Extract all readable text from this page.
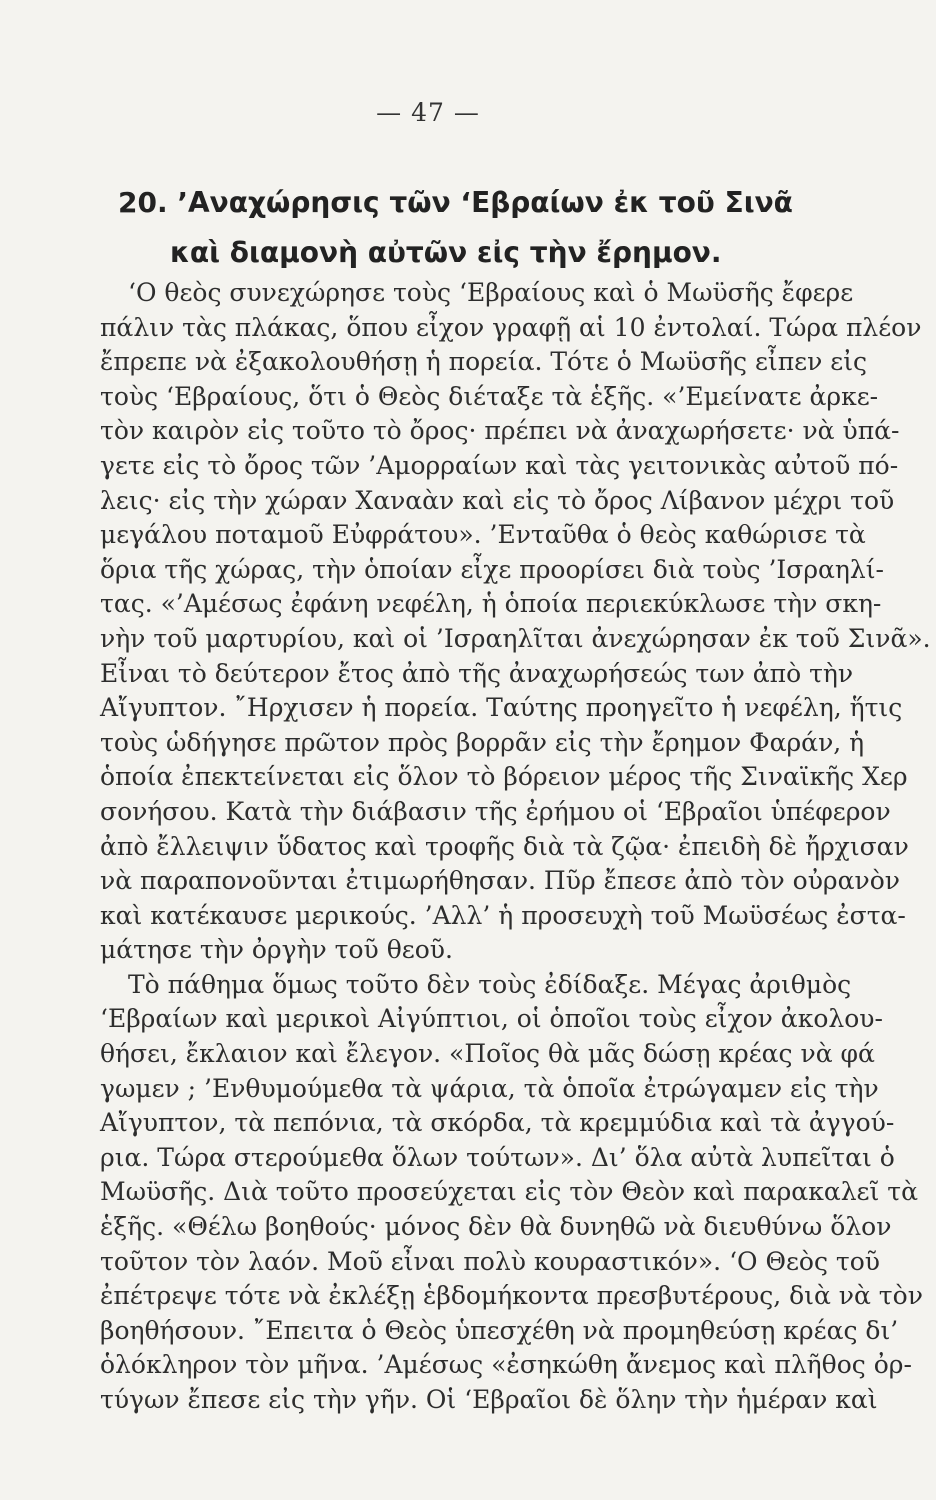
— 47 —
20. ’Αναχώρησις τῶν ‘Εβραίων ἐκ τοῦ Σινᾶ
καὶ διαμονὴ αὐτῶν εἰς τὴν ἔρημον.
‘Ο θεὸς συνεχώρησε τοὺς ‘Εβραίους καὶ ὁ Μωϋσῆς ἔφερε
πάλιν τὰς πλάκας, ὅπου εἶχον γραφῇ αἱ 10 ἐντολαί. Τώρα πλέον
ἔπρεπε νὰ ἐξακολουθήσῃ ἡ πορεία. Τότε ὁ Μωϋσῆς εἶπεν εἰς
τοὺς ‘Εβραίους, ὅτι ὁ Θεὸς διέταξε τὰ ἑξῆς. «’Εμείνατε ἀρκε-
τὸν καιρὸν εἰς τοῦτο τὸ ὄρος· πρέπει νὰ ἀναχωρήσετε· νὰ ὑπά-
γετε εἰς τὸ ὄρος τῶν ’Αμορραίων καὶ τὰς γειτονικὰς αὐτοῦ πό-
λεις· εἰς τὴν χώραν Χαναὰν καὶ εἰς τὸ ὄρος Λίβανον μέχρι τοῦ
μεγάλου ποταμοῦ Εὐφράτου». ’Ενταῦθα ὁ θεὸς καθώρισε τὰ
ὅρια τῆς χώρας, τὴν ὁποίαν εἶχε προορίσει διὰ τοὺς ’Ισραηλί-
τας. «’Αμέσως ἐφάνη νεφέλη, ἡ ὁποία περιεκύκλωσε τὴν σκη-
νὴν τοῦ μαρτυρίου, καὶ οἱ ’Ισραηλῖται ἀνεχώρησαν ἐκ τοῦ Σινᾶ».
Εἶναι τὸ δεύτερον ἔτος ἀπὸ τῆς ἀναχωρήσεώς των ἀπὸ τὴν
Αἴγυπτον. ῎Ηρχισεν ἡ πορεία. Ταύτης προηγεῖτο ἡ νεφέλη, ἥτις
τοὺς ὡδήγησε πρῶτον πρὸς βορρᾶν εἰς τὴν ἔρημον Φαράν, ἡ
ὁποία ἐπεκτείνεται εἰς ὅλον τὸ βόρειον μέρος τῆς Σιναϊκῆς Χερ
σονήσου. Κατὰ τὴν διάβασιν τῆς ἐρήμου οἱ ‘Εβραῖοι ὑπέφερον
ἀπὸ ἔλλειψιν ὕδατος καὶ τροφῆς διὰ τὰ ζῷα· ἐπειδὴ δὲ ἤρχισαν
νὰ παραπονοῦνται ἐτιμωρήθησαν. Πῦρ ἔπεσε ἀπὸ τὸν οὐρανὸν
καὶ κατέκαυσε μερικούς. ’Αλλ’ ἡ προσευχὴ τοῦ Μωϋσέως ἐστα-
μάτησε τὴν ὀργὴν τοῦ θεοῦ.
Τὸ πάθημα ὅμως τοῦτο δὲν τοὺς ἐδίδαξε. Μέγας ἀριθμὸς
‘Εβραίων καὶ μερικοὶ Αἰγύπτιοι, οἱ ὁποῖοι τοὺς εἶχον ἀκολου-
θήσει, ἔκλαιον καὶ ἔλεγον. «Ποῖος θὰ μᾶς δώσῃ κρέας νὰ φά
γωμεν ; ’Ενθυμούμεθα τὰ ψάρια, τὰ ὁποῖα ἐτρώγαμεν εἰς τὴν
Αἴγυπτον, τὰ πεπόνια, τὰ σκόρδα, τὰ κρεμμύδια καὶ τὰ ἀγγού-
ρια. Τώρα στερούμεθα ὅλων τούτων». Δι’ ὅλα αὐτὰ λυπεῖται ὁ
Μωϋσῆς. Διὰ τοῦτο προσεύχεται εἰς τὸν Θεὸν καὶ παρακαλεῖ τὰ
ἑξῆς. «Θέλω βοηθούς· μόνος δὲν θὰ δυνηθῶ νὰ διευθύνω ὅλον
τοῦτον τὸν λαόν. Μοῦ εἶναι πολὺ κουραστικόν». ‘Ο Θεὸς τοῦ
ἐπέτρεψε τότε νὰ ἐκλέξῃ ἑβδομήκοντα πρεσβυτέρους, διὰ νὰ τὸν
βοηθήσουν. ῎Επειτα ὁ Θεὸς ὑπεσχέθη νὰ προμηθεύσῃ κρέας δι’
ὁλόκληρον τὸν μῆνα. ’Αμέσως «ἐσηκώθη ἄνεμος καὶ πλῆθος ὀρ-
τύγων ἔπεσε εἰς τὴν γῆν. Οἱ ‘Εβραῖοι δὲ ὅλην τὴν ἡμέραν καὶ
